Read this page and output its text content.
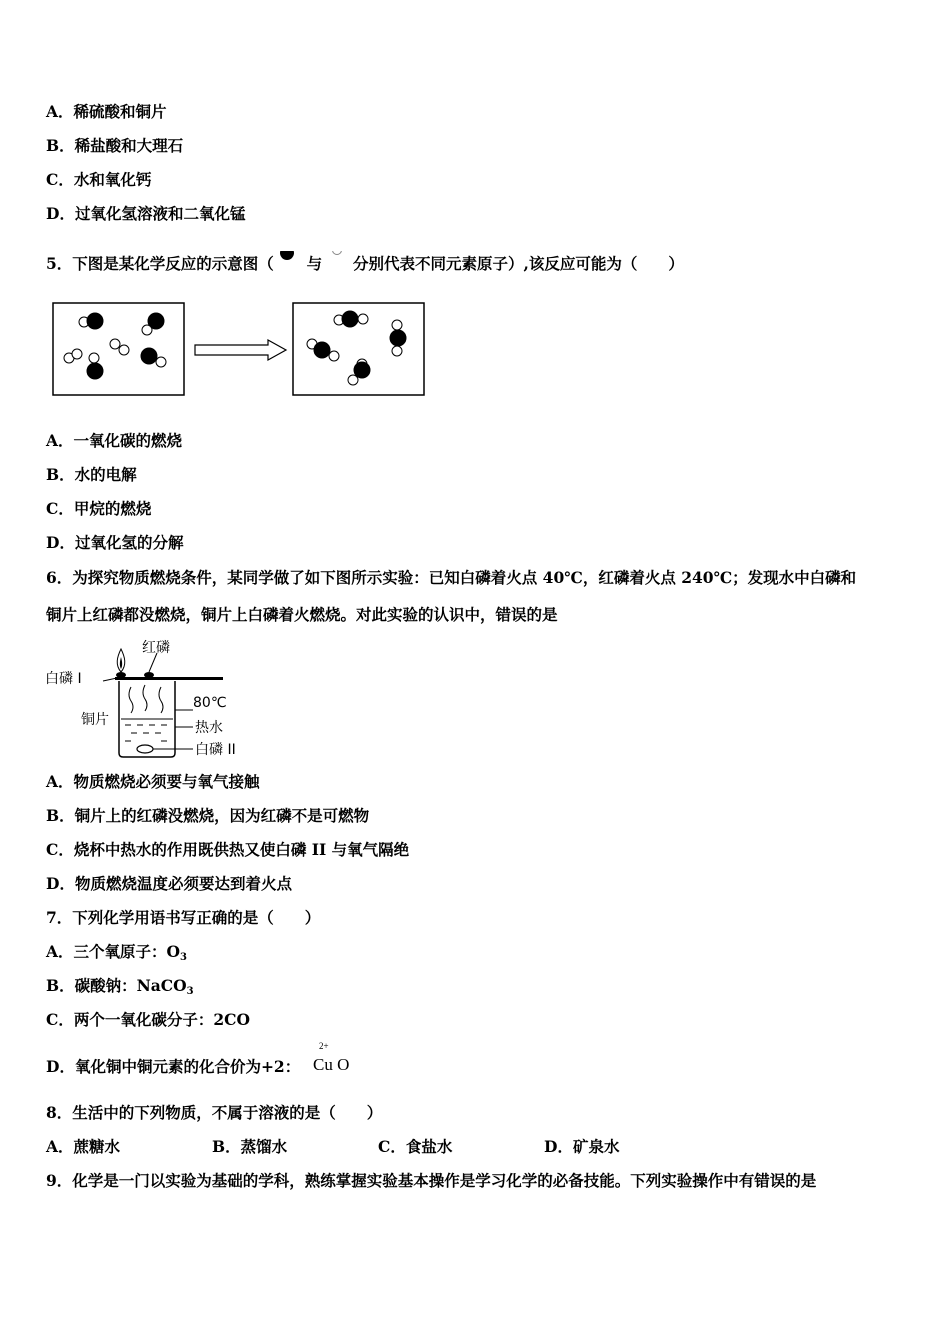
A．稀硫酸和铜片
B．稀盐酸和大理石
C．水和氧化钙
D．过氧化氢溶液和二氧化锰
5．下图是某化学反应的示意图（ 与 分别代表不同元素原子）,该反应可能为（　　）
A．一氧化碳的燃烧
B．水的电解
C．甲烷的燃烧
D．过氧化氢的分解
6．为探究物质燃烧条件，某同学做了如下图所示实验：已知白磷着火点 40℃，红磷着火点 240℃；发现水中白磷和
铜片上红磷都没燃烧，铜片上白磷着火燃烧。对此实验的认识中，错误的是
红磷
白磷 I
铜片
80℃
热水
白磷 II
A．物质燃烧必须要与氧气接触
B．铜片上的红磷没燃烧，因为红磷不是可燃物
C．烧杯中热水的作用既供热又使白磷 II 与氧气隔绝
D．物质燃烧温度必须要达到着火点
7．下列化学用语书写正确的是（　　）
A．三个氧原子：$O_3$
B．碳酸钠：NaCO$_3$
C．两个一氧化碳分子：2CO
D．氧化铜中铜元素的化合价为+2：
2+
Cu O
8．生活中的下列物质，不属于溶液的是（　　）
A．蔗糖水	B．蒸馏水	C．食盐水	D．矿泉水
9．化学是一门以实验为基础的学科，熟练掌握实验基本操作是学习化学的必备技能。下列实验操作中有错误的是
